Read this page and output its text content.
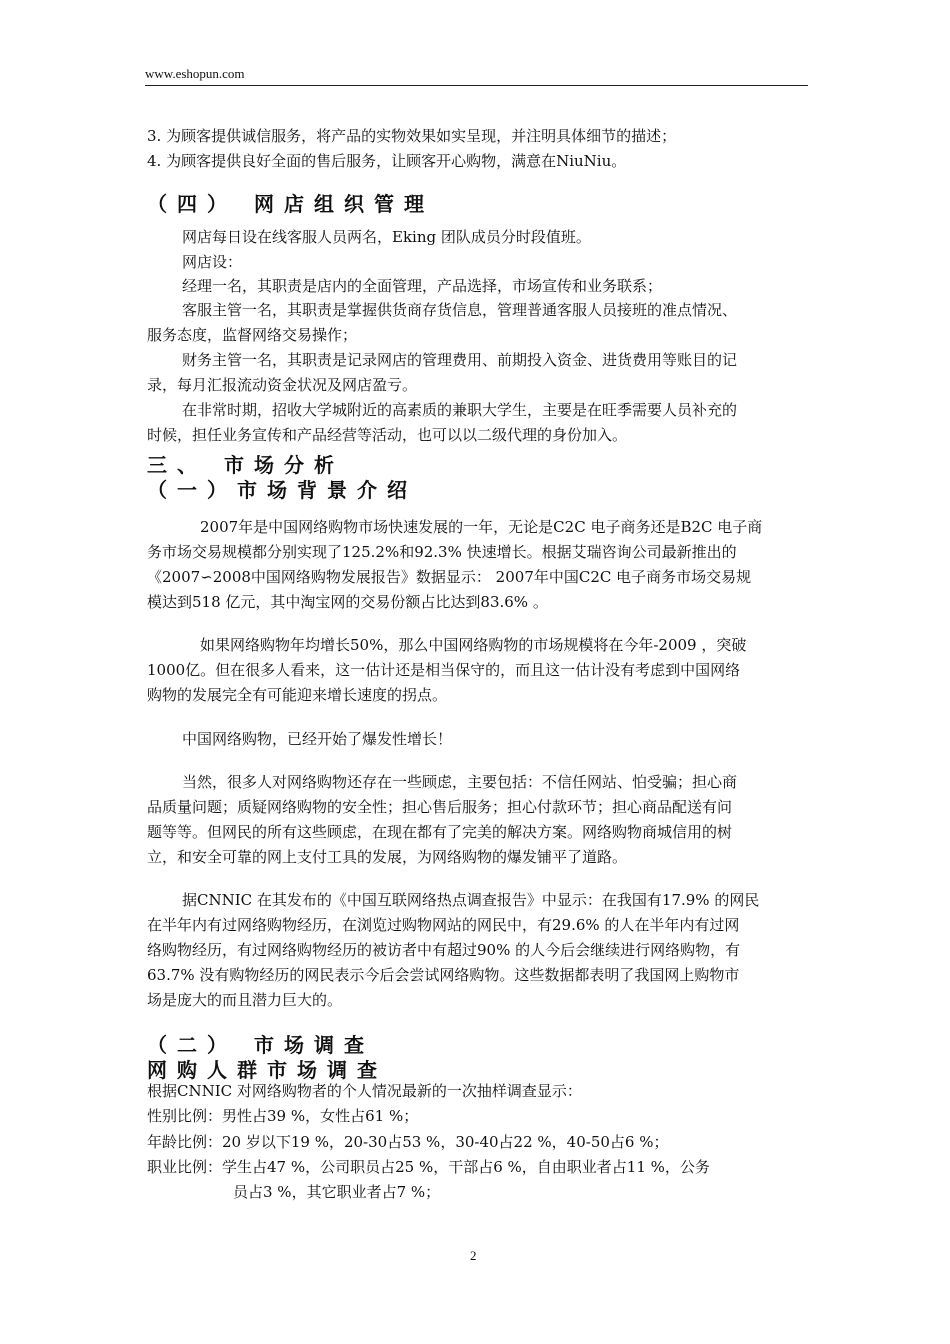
www.eshopun.com
3. 为顾客提供诚信服务，将产品的实物效果如实呈现，并注明具体细节的描述；
4. 为顾客提供良好全面的售后服务，让顾客开心购物，满意在NiuNiu。
（四） 网店组织管理
网店每日设在线客服人员两名，Eking 团队成员分时段值班。
网店设：
经理一名，其职责是店内的全面管理，产品选择，市场宣传和业务联系；
客服主管一名，其职责是掌握供货商存货信息，管理普通客服人员接班的准点情况、
服务态度，监督网络交易操作；
财务主管一名，其职责是记录网店的管理费用、前期投入资金、进货费用等账目的记
录，每月汇报流动资金状况及网店盈亏。
在非常时期，招收大学城附近的高素质的兼职大学生，主要是在旺季需要人员补充的
时候，担任业务宣传和产品经营等活动，也可以以二级代理的身份加入。
三、 市场分析
（一）市场背景介绍
2007年是中国网络购物市场快速发展的一年，无论是C2C 电子商务还是B2C 电子商
务市场交易规模都分别实现了125.2%和92.3% 快速增长。根据艾瑞咨询公司最新推出的
《2007∽2008中国网络购物发展报告》数据显示： 2007年中国C2C 电子商务市场交易规
模达到518 亿元，其中淘宝网的交易份额占比达到83.6% 。
如果网络购物年均增长50%，那么中国网络购物的市场规模将在今年-2009 ，突破
1000亿。但在很多人看来，这一估计还是相当保守的，而且这一估计没有考虑到中国网络
购物的发展完全有可能迎来增长速度的拐点。
中国网络购物，已经开始了爆发性增长！
当然，很多人对网络购物还存在一些顾虑，主要包括：不信任网站、怕受骗；担心商
品质量问题；质疑网络购物的安全性；担心售后服务；担心付款环节；担心商品配送有问
题等等。但网民的所有这些顾虑，在现在都有了完美的解决方案。网络购物商城信用的树
立，和安全可靠的网上支付工具的发展，为网络购物的爆发铺平了道路。
据CNNIC 在其发布的《中国互联网络热点调查报告》中显示：在我国有17.9% 的网民
在半年内有过网络购物经历，在浏览过购物网站的网民中，有29.6% 的人在半年内有过网
络购物经历，有过网络购物经历的被访者中有超过90% 的人今后会继续进行网络购物，有
63.7% 没有购物经历的网民表示今后会尝试网络购物。这些数据都表明了我国网上购物市
场是庞大的而且潜力巨大的。
（二） 市场调查
网购人群市场调查
根据CNNIC 对网络购物者的个人情况最新的一次抽样调查显示：
性别比例：男性占39 %，女性占61 %；
年龄比例：20 岁以下19 %，20-30占53 %，30-40占22 %，40-50占6 %；
职业比例：学生占47 %，公司职员占25 %，干部占6 %，自由职业者占11 %，公务
员占3 %，其它职业者占7 %；
2
